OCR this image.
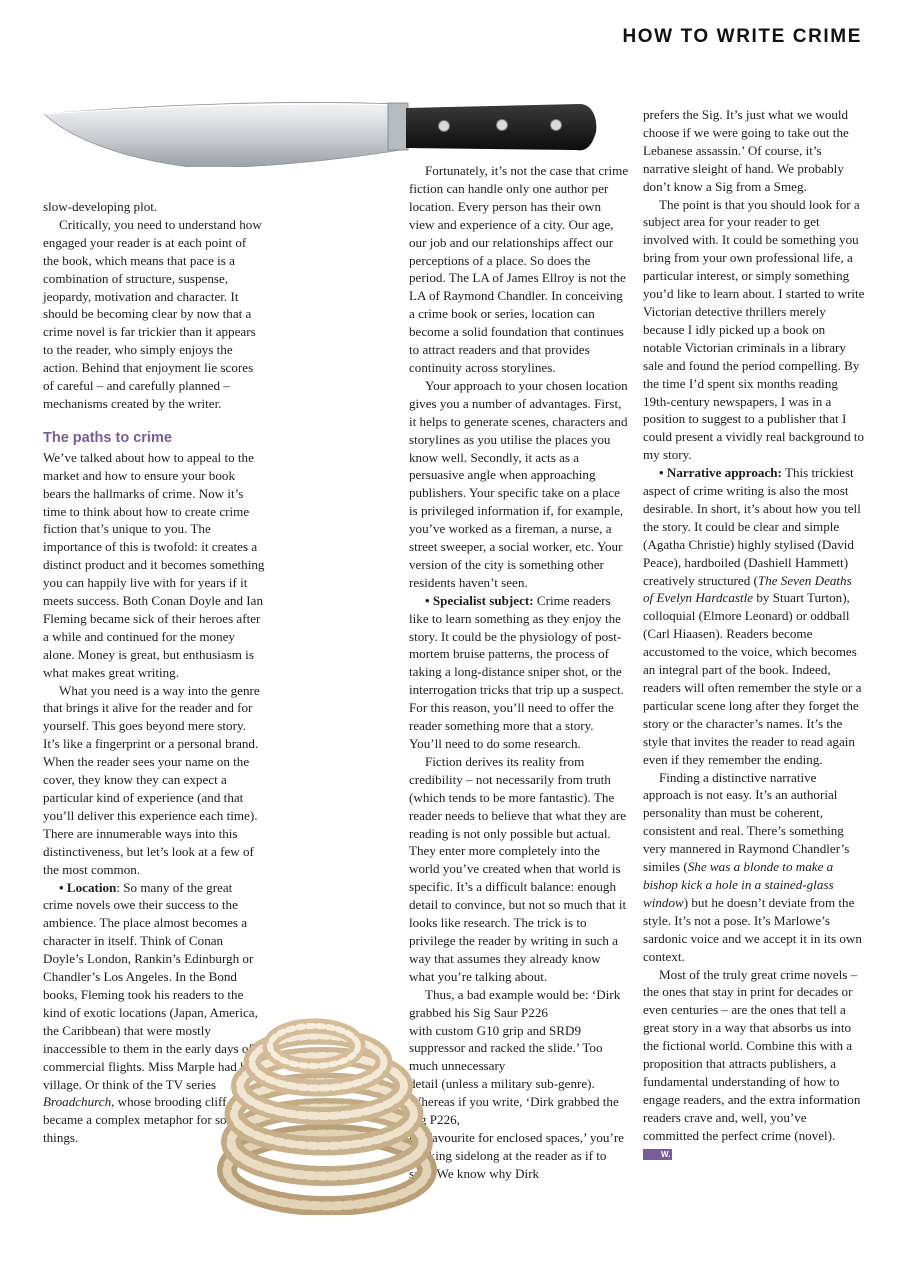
HOW TO WRITE CRIME

slow-developing plot.

Critically, you need to understand how engaged your reader is at each point of the book, which means that pace is a combination of structure, suspense, jeopardy, motivation and character. It should be becoming clear by now that a crime novel is far trickier than it appears to the reader, who simply enjoys the action. Behind that enjoyment lie scores of careful – and carefully planned – mechanisms created by the writer.

The paths to crime

We’ve talked about how to appeal to the market and how to ensure your book bears the hallmarks of crime. Now it’s time to think about how to create crime fiction that’s unique to you. The importance of this is twofold: it creates a distinct product and it becomes something you can happily live with for years if it meets success. Both Conan Doyle and Ian Fleming became sick of their heroes after a while and continued for the money alone. Money is great, but enthusiasm is what makes great writing.

What you need is a way into the genre that brings it alive for the reader and for yourself. This goes beyond mere story. It’s like a fingerprint or a personal brand. When the reader sees your name on the cover, they know they can expect a particular kind of experience (and that you’ll deliver this experience each time). There are innumerable ways into this distinctiveness, but let’s look at a few of the most common.

• Location: So many of the great crime novels owe their success to the ambience. The place almost becomes a character in itself. Think of Conan Doyle’s London, Rankin’s Edinburgh or Chandler’s Los Angeles. In the Bond books, Fleming took his readers to the kind of exotic locations (Japan, America, the Caribbean) that were mostly inaccessible to them in the early days of commercial flights. Miss Marple had her village. Or think of the TV series Broadchurch, whose brooding cliff became a complex metaphor for so many things.

Fortunately, it’s not the case that crime fiction can handle only one author per location. Every person has their own view and experience of a city. Our age, our job and our relationships affect our perceptions of a place. So does the period. The LA of James Ellroy is not the LA of Raymond Chandler. In conceiving a crime book or series, location can become a solid foundation that continues to attract readers and that provides continuity across storylines.

Your approach to your chosen location gives you a number of advantages. First, it helps to generate scenes, characters and storylines as you utilise the places you know well. Secondly, it acts as a persuasive angle when approaching publishers. Your specific take on a place is privileged information if, for example, you’ve worked as a fireman, a nurse, a street sweeper, a social worker, etc. Your version of the city is something other residents haven’t seen.

• Specialist subject: Crime readers like to learn something as they enjoy the story. It could be the physiology of post-mortem bruise patterns, the process of taking a long-distance sniper shot, or the interrogation tricks that trip up a suspect. For this reason, you’ll need to offer the reader something more that a story. You’ll need to do some research.

Fiction derives its reality from credibility – not necessarily from truth (which tends to be more fantastic). The reader needs to believe that what they are reading is not only possible but actual. They enter more completely into the world you’ve created when that world is specific. It’s a difficult balance: enough detail to convince, but not so much that it looks like research. The trick is to privilege the reader by writing in such a way that assumes they already know what you’re talking about.

Thus, a bad example would be: ‘Dirk grabbed his Sig Saur P226

with custom G10 grip and SRD9 suppressor and racked the slide.’ Too much unnecessary

detail (unless a military sub-genre). Whereas if you write, ‘Dirk grabbed the Sig P226,

his favourite for enclosed spaces,’ you’re winking sidelong at the reader as if to say, ‘We know why Dirk

prefers the Sig. It’s just what we would choose if we were going to take out the Lebanese assassin.’ Of course, it’s narrative sleight of hand. We probably don’t know a Sig from a Smeg.

The point is that you should look for a subject area for your reader to get involved with. It could be something you bring from your own professional life, a particular interest, or simply something you’d like to learn about. I started to write Victorian detective thrillers merely because I idly picked up a book on notable Victorian criminals in a library sale and found the period compelling. By the time I’d spent six months reading 19th-century newspapers, I was in a position to suggest to a publisher that I could present a vividly real background to my story.

• Narrative approach: This trickiest aspect of crime writing is also the most desirable. In short, it’s about how you tell the story. It could be clear and simple (Agatha Christie) highly stylised (David Peace), hardboiled (Dashiell Hammett) creatively structured (The Seven Deaths of Evelyn Hardcastle by Stuart Turton), colloquial (Elmore Leonard) or oddball (Carl Hiaasen). Readers become accustomed to the voice, which becomes an integral part of the book. Indeed, readers will often remember the style or a particular scene long after they forget the story or the character’s names. It’s the style that invites the reader to read again even if they remember the ending.

Finding a distinctive narrative approach is not easy. It’s an authorial personality than must be coherent, consistent and real. There’s something very mannered in Raymond Chandler’s similes (She was a blonde to make a bishop kick a hole in a stained-glass window) but he doesn’t deviate from the style. It’s not a pose. It’s Marlowe’s sardonic voice and we accept it in its own context.

Most of the truly great crime novels – the ones that stay in print for decades or even centuries – are the ones that tell a great story in a way that absorbs us into the fictional world. Combine this with a proposition that attracts publishers, a fundamental understanding of how to engage readers, and the extra information readers crave and, well, you’ve committed the perfect crime (novel). W.
